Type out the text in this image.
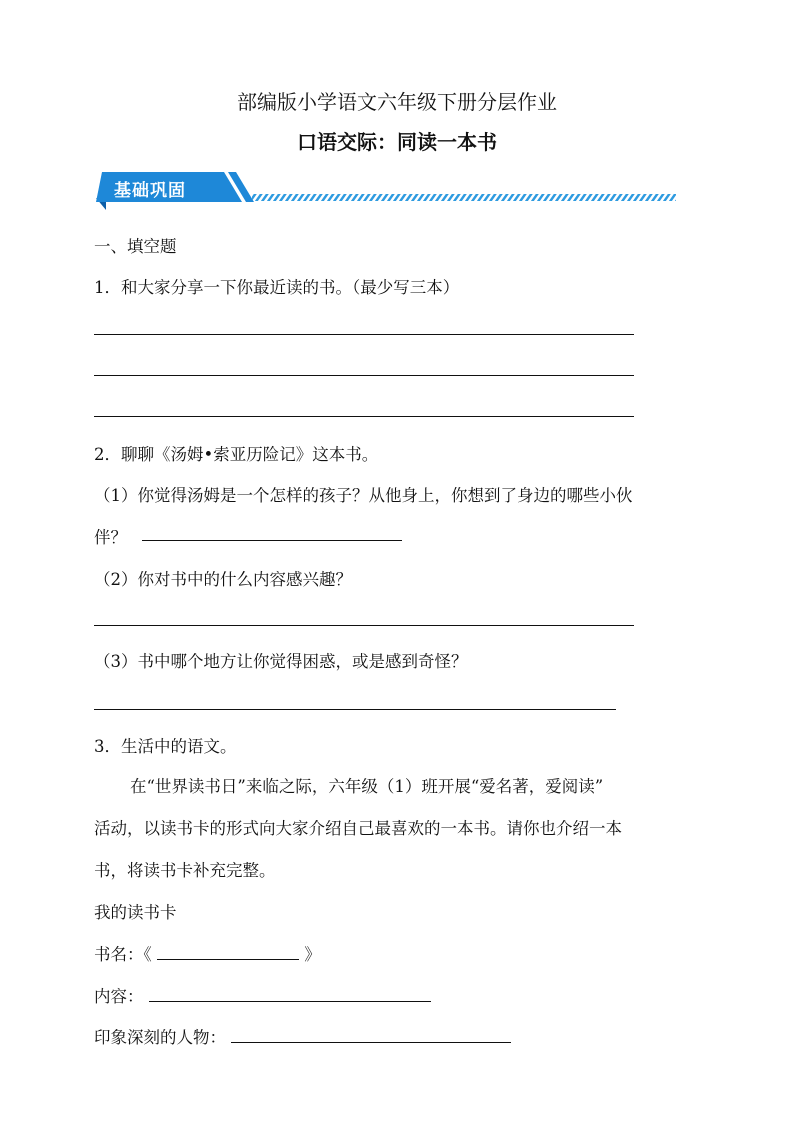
部编版小学语文六年级下册分层作业
口语交际：同读一本书
基础巩固
一、填空题
1．和大家分享一下你最近读的书。（最少写三本）
2．聊聊《汤姆•索亚历险记》这本书。
（1）你觉得汤姆是一个怎样的孩子？从他身上，你想到了身边的哪些小伙
伴？
（2）你对书中的什么内容感兴趣？
（3）书中哪个地方让你觉得困惑，或是感到奇怪？
3．生活中的语文。
在“世界读书日”来临之际，六年级（1）班开展“爱名著，爱阅读”
活动，以读书卡的形式向大家介绍自己最喜欢的一本书。请你也介绍一本
书，将读书卡补充完整。
我的读书卡
书名：《	》
内容：
印象深刻的人物：
